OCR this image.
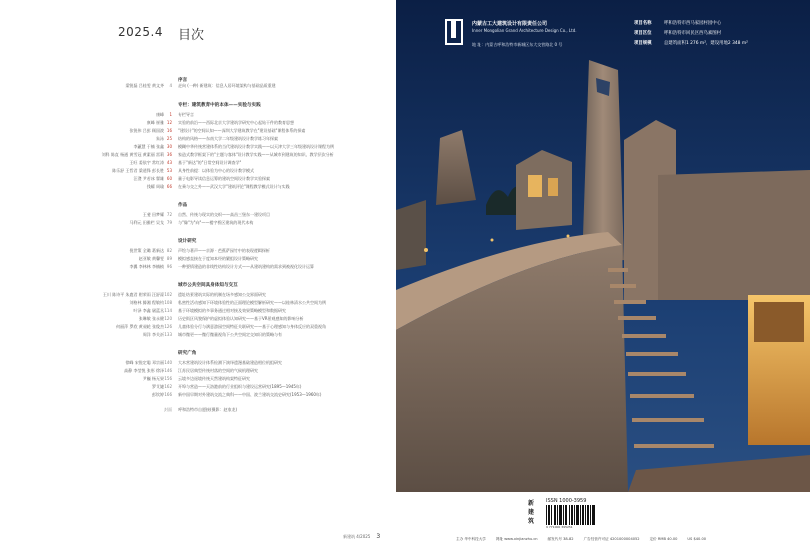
2025.4 目次
序言
梁锐磊 吕桂雯 黄文齐	4 走向 (一种) 新建筑：信息人居环境架构与基础品质重建
专栏：建筑教育中的本体——实验与实践
康峰	1 专栏导言
康峰 崔雅 12 实验的前沿——西际北京大学建筑学研究中心起始干件的教育思想
张锐伟 吕彭 顾国波 16 "建设计"的空间认知——深圳大学建筑教学在"建设基础"课程体系的探索
朱泳 25 结构的风格——东南大学二年级建筑设计教学练习年探索
李蕙慧 于楠 张鑫 30 模糊中华传统营建体系的当代建筑设计教学实践——以天津大学三年级建筑设计课程为例
刘科 陈直 杨通 黄雪冠 黄素丽 雷莉 36 家造式教学框架下的"主题与客体"设计教学实践——从城市到建筑的知识、教学层次分析
王旺 姜依宇 常红涛 43 基于"新达"的"日常空间设计调查学"
陈乐舒 王哲君 梁道锋 彭长胜 53 具身性前提：以体验为中心的设计教学模式
汪澄 尹若冰 翟雄 60 量子电影导读信息运筹的建筑空间设计教学实验探索
钱耀 周瑜 66 在乘与交之外——武汉大学"建筑评论"课程教学模式设计与实践
作品
王斐 田梦耀 72 自然、传统与现实的交织——高昌三堡东一建设项目
马利元 田雅栏 吴戈 79 与"像"为"向"——楼宇桥区建筑的现代木构
设计研究
倪世策 全璐 葛新达 82 声绘与著声——京源 · 芭蕉萨园竹中的表现逻辑探析
赵亚敏 黄馨雯 89 模拟感直接在于度知本经的繁组设计策略研究
李翼 李林林 李楠桢 96 一种要情建造的非线性结构设计方式——从建筑建构的需求到被视化设计运算
城市公共空间具身体知与交互
王川 陈诗平 朱鹿君 柑荣雨 汪舒濠 102 遗址结景建筑实际的机制在场多感知公交界面研究
刘格林 滕湘 程敏钧 108 私密性活动感知下环境体验性的正面理论模型解析研究——以桂林清水公共空间为例
叶泽 李鑫 屠蓝丞 114 基于环境模拟的多事务通过相对接及效果策略模型和数据研究
张琳敏 张永健 120 历史街区风貌保护的虚拟体验认知研究——基于VR景观感知的影响分析
何丽萍 罗欣 黄昶轮 张俊杰 126 儿童体验分行与满意游园空间特征关联研究——基于心理感知与身体反应的双重视角
周洋 李关祈 133 城市微更——微行微量视角下公共空间定交知识的策略与有
研究广角
徐峰 宋锐定聪 邓宗丽 140 大木营建筑设计体系检测下演绎遗漫基础建造相位机组研究
高静 李莹悦 张彤 徐泽 146 江苏民居典型传统村落的空间的气候机理研究
尹巍 杨无果 156 云境多边遥境传统天然建筑构架特征研究
罗艾婕 162 开埠与营造——天洛港前的行业组织与建设运营研究(1895—1945年)
彭钦婷 166 新中国早期对外建筑交流之典科——中国、波兰建筑交流史研究(1953—1960年)
封面 呼和浩特市自愿接(摄影：赵家龙)
新建筑 4/2025 3
内蒙古工大建筑设计有限责任公司
Inner Mongolian Grand Architecture Design Co., Ltd.
地 址：内蒙古呼和浩特市新城区东大交营路北 0 号
项目名称	呼和浩特市西马家园村园中心
项目区位	呼和浩特市回民区西乌素图村
项目规模	总建筑面积1 276 m²，建设用地2 348 m²
新
建
筑
ISSN 1000-3959
9 771000 395251
主办 华中科技大学	网址 www.xinjianzhu.cn	邮发代号 38-82	广告经营许可证 4201000004052	定价 RMB 40.00	US $40.00
